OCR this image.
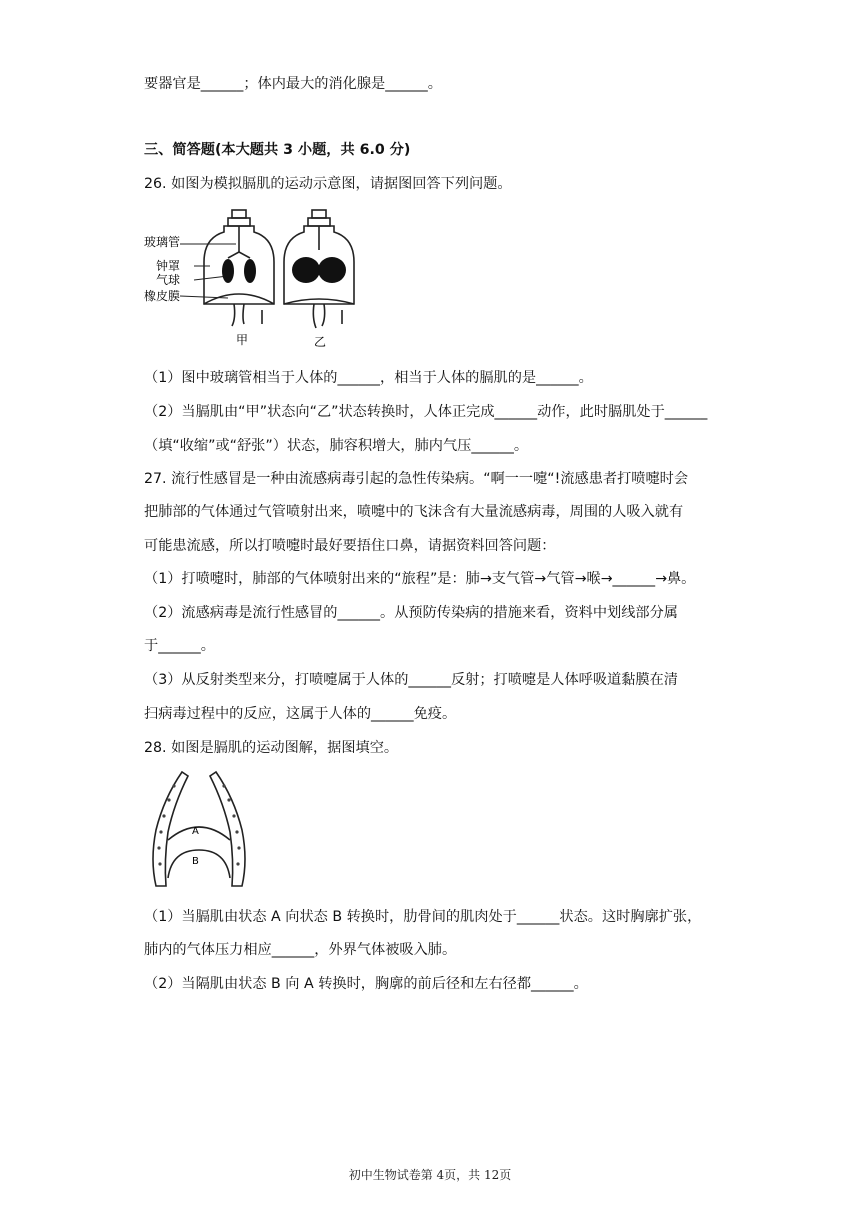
要器官是______；体内最大的消化腺是______。
三、简答题(本大题共 3 小题，共 6.0 分)
26. 如图为模拟膈肌的运动示意图，请据图回答下列问题。
玻璃管
钟罩
气球
橡皮膜
甲	乙
（1）图中玻璃管相当于人体的______，相当于人体的膈肌的是______。
（2）当膈肌由“甲”状态向“乙”状态转换时，人体正完成______动作，此时膈肌处于______
（填“收缩”或“舒张”）状态，肺容积增大，肺内气压______。
27. 流行性感冒是一种由流感病毒引起的急性传染病。“啊一一嚏“!流感患者打喷嚏时会
把肺部的气体通过气管喷射出来，喷嚏中的飞沫含有大量流感病毒，周围的人吸入就有
可能患流感，所以打喷嚏时最好要捂住口鼻，请据资料回答问题：
（1）打喷嚏时，肺部的气体喷射出来的“旅程”是：肺→支气管→气管→喉→______→鼻。
（2）流感病毒是流行性感冒的______。从预防传染病的措施来看，资料中划线部分属
于______。
（3）从反射类型来分，打喷嚏属于人体的______反射；打喷嚏是人体呼吸道黏膜在清
扫病毒过程中的反应，这属于人体的______免疫。
28. 如图是膈肌的运动图解，据图填空。
A
B
（1）当膈肌由状态 A 向状态 B 转换时，肋骨间的肌肉处于______状态。这时胸廓扩张，
肺内的气体压力相应______，外界气体被吸入肺。
（2）当隔肌由状态 B 向 A 转换时，胸廓的前后径和左右径都______。
初中生物试卷第 4页，共 12页
